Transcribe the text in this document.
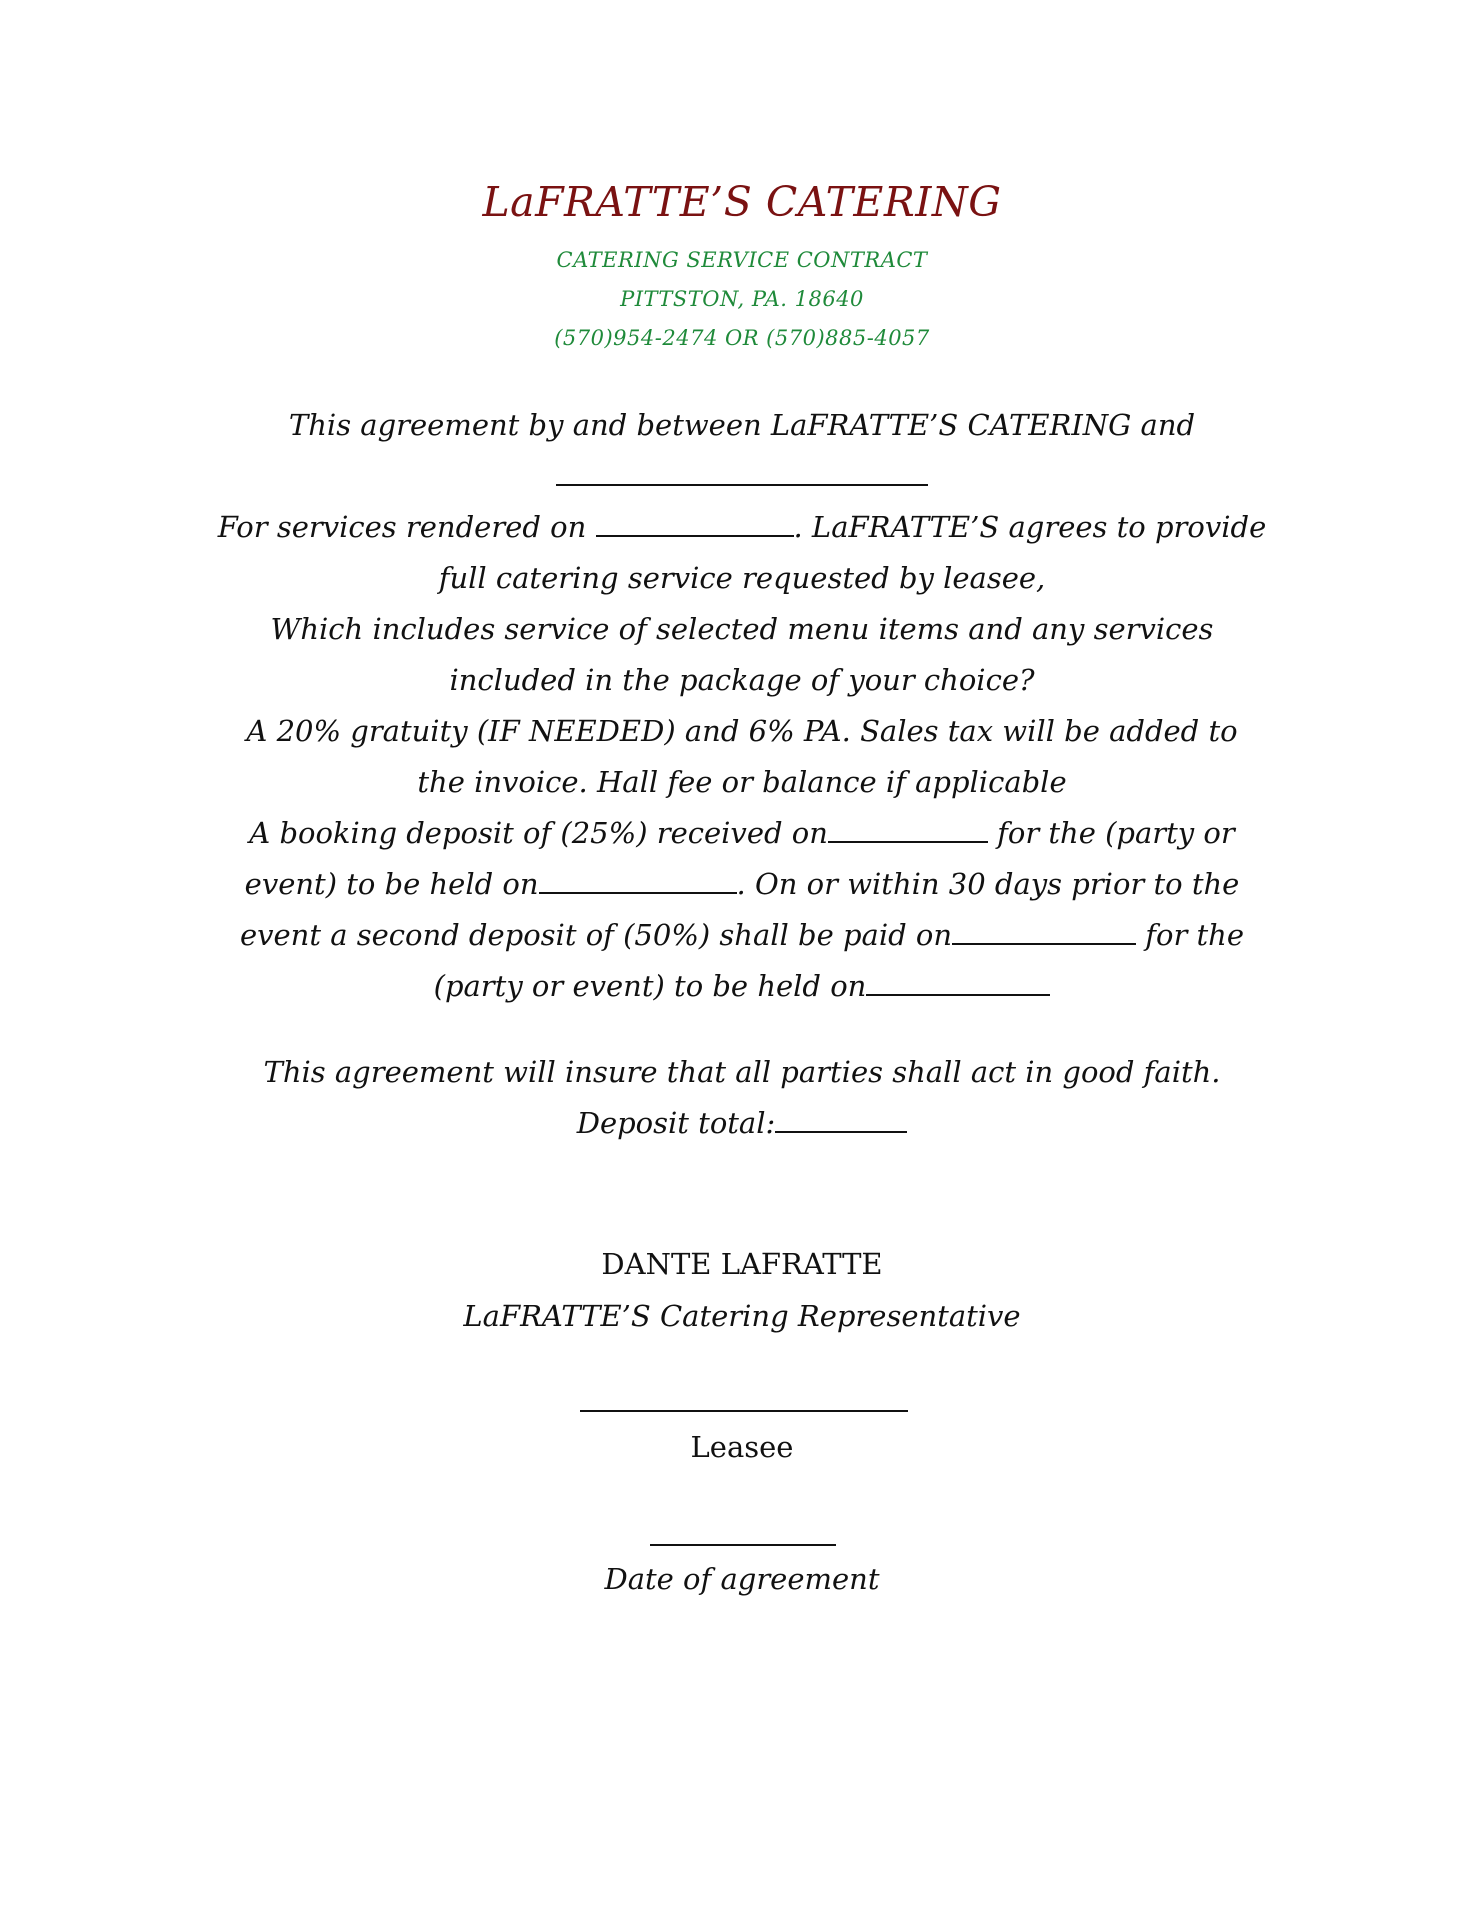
LaFRATTE’S CATERING
CATERING SERVICE CONTRACT
PITTSTON, PA. 18640
(570)954-2474 OR (570)885-4057
This agreement by and between LaFRATTE’S CATERING and
For services rendered on	. LaFRATTE’S agrees to provide
full catering service requested by leasee,
Which includes service of selected menu items and any services
included in the package of your choice?
A 20% gratuity (IF NEEDED) and 6% PA. Sales tax will be added to
the invoice. Hall fee or balance if applicable
A booking deposit of (25%) received on	for the (party or
event) to be held on	. On or within 30 days prior to the
event a second deposit of (50%) shall be paid on	for the
(party or event) to be held on
This agreement will insure that all parties shall act in good faith.
Deposit total:
DANTE LAFRATTE
LaFRATTE’S Catering Representative
Leasee
Date of agreement
